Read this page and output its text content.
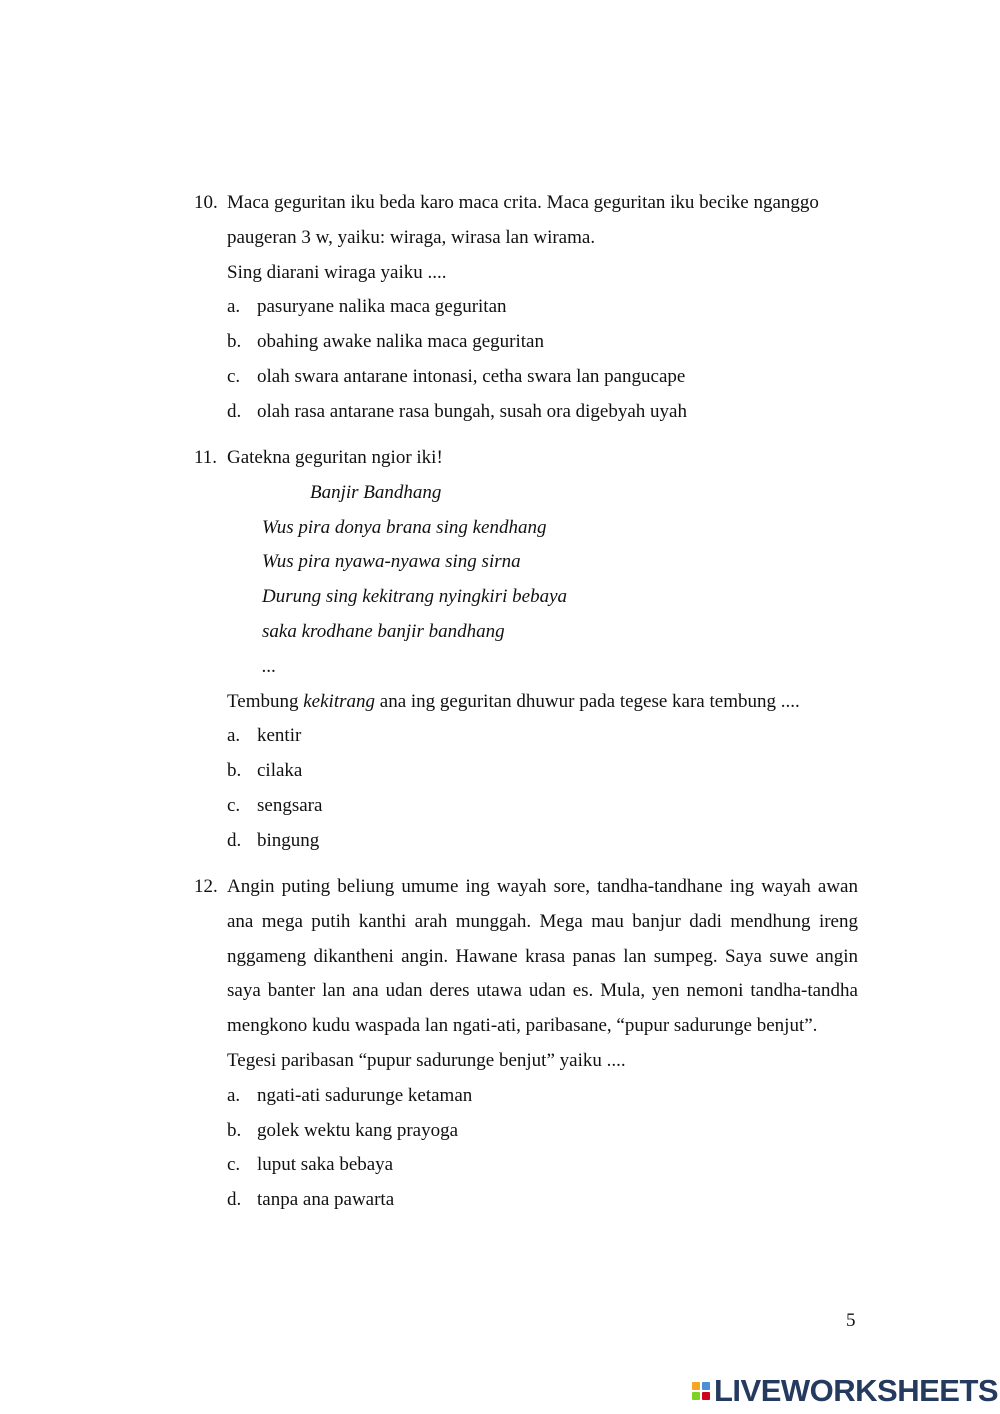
10. Maca geguritan iku beda karo maca crita. Maca geguritan iku becike nganggo
paugeran 3 w, yaiku: wiraga, wirasa lan wirama.
Sing diarani wiraga yaiku ....
a. pasuryane nalika maca geguritan
b. obahing awake nalika maca geguritan
c. olah swara antarane intonasi, cetha swara lan pangucape
d. olah rasa antarane rasa bungah, susah ora digebyah uyah
11. Gatekna geguritan ngior iki!
Banjir Bandhang
Wus pira donya brana sing kendhang
Wus pira nyawa-nyawa sing sirna
Durung sing kekitrang nyingkiri bebaya
saka krodhane banjir bandhang
...
Tembung kekitrang ana ing geguritan dhuwur pada tegese kara tembung ....
a. kentir
b. cilaka
c. sengsara
d. bingung
12. Angin puting beliung umume ing wayah sore, tandha-tandhane ing wayah awan ana mega putih kanthi arah munggah. Mega mau banjur dadi mendhung ireng nggameng dikantheni angin. Hawane krasa panas lan sumpeg. Saya suwe angin saya banter lan ana udan deres utawa udan es. Mula, yen nemoni tandha-tandha mengkono kudu waspada lan ngati-ati, paribasane, “pupur sadurunge benjut”.
Tegesi paribasan “pupur sadurunge benjut” yaiku ....
a. ngati-ati sadurunge ketaman
b. golek wektu kang prayoga
c. luput saka bebaya
d. tanpa ana pawarta
5
LIVEWORKSHEETS
